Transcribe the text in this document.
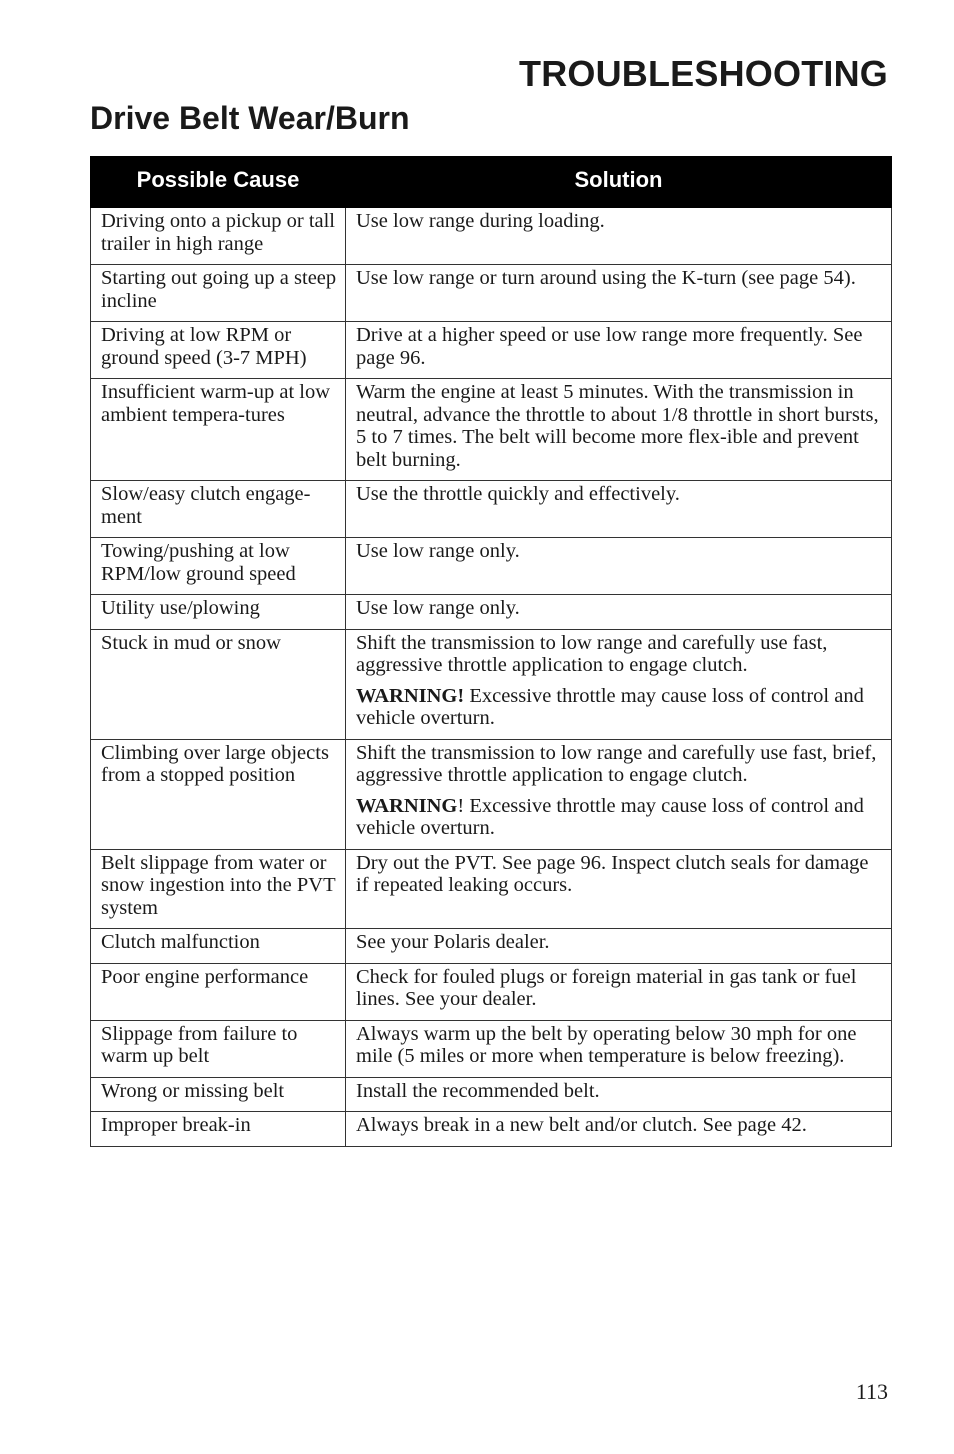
TROUBLESHOOTING
Drive Belt Wear/Burn
Possible Cause	Solution
Driving onto a pickup or tall trailer in high range	Use low range during loading.

Starting out going up a steep incline	Use low range or turn around using the K-turn (see page 54).

Driving at low RPM or ground speed (3-7 MPH)	Drive at a higher speed or use low range more frequently. See page 96.

Insufficient warm-up at low ambient tempera-tures	Warm the engine at least 5 minutes. With the transmission in neutral, advance the throttle to about 1/8 throttle in short bursts, 5 to 7 times. The belt will become more flex-ible and prevent belt burning.

Slow/easy clutch engage-ment	Use the throttle quickly and effectively.

Towing/pushing at low RPM/low ground speed	Use low range only.

Utility use/plowing	Use low range only.

Stuck in mud or snow	Shift the transmission to low range and carefully use fast, aggressive throttle application to engage clutch.
WARNING! Excessive throttle may cause loss of control and vehicle overturn.

Climbing over large objects from a stopped position	Shift the transmission to low range and carefully use fast, brief, aggressive throttle application to engage clutch.
WARNING! Excessive throttle may cause loss of control and vehicle overturn.

Belt slippage from water or snow ingestion into the PVT system	Dry out the PVT. See page 96. Inspect clutch seals for damage if repeated leaking occurs.

Clutch malfunction	See your Polaris dealer.

Poor engine performance	Check for fouled plugs or foreign material in gas tank or fuel lines. See your dealer.

Slippage from failure to warm up belt	Always warm up the belt by operating below 30 mph for one mile (5 miles or more when temperature is below freezing).

Wrong or missing belt	Install the recommended belt.

Improper break-in	Always break in a new belt and/or clutch. See page 42.
113
